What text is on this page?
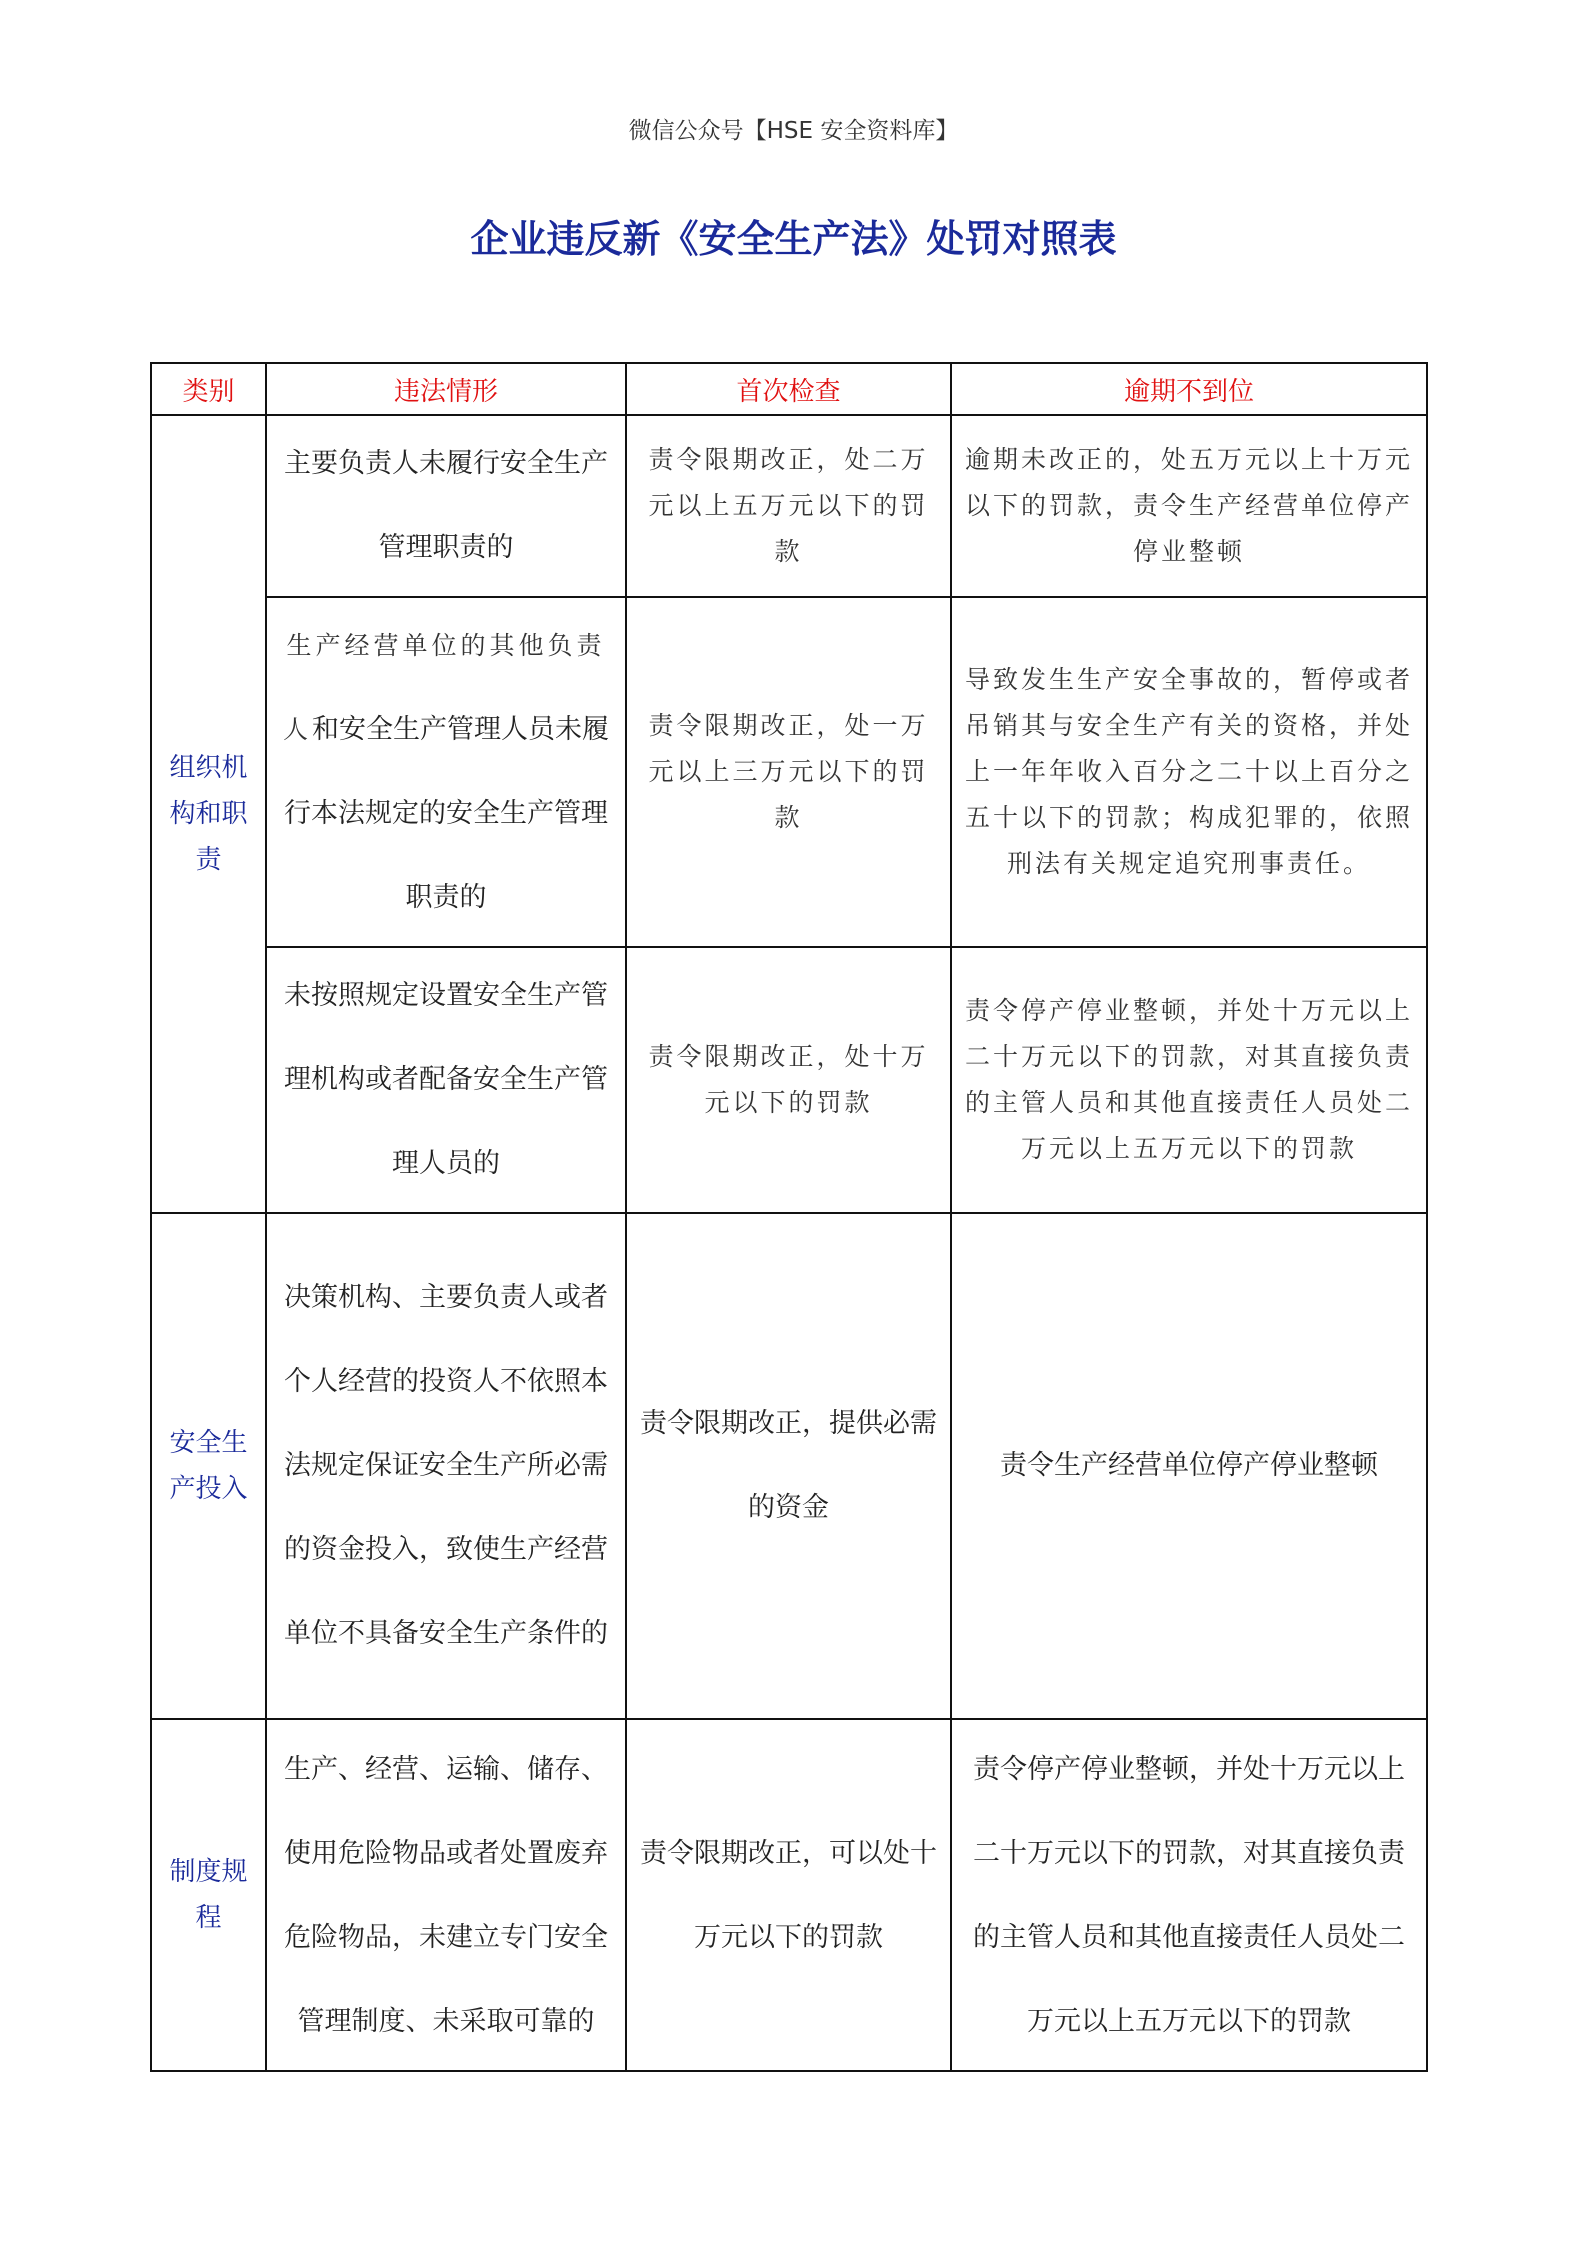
微信公众号【HSE 安全资料库】
企业违反新《安全生产法》处罚对照表
类别	违法情形	首次检查	逾期不到位
组织机构和职责	主要负责人未履行安全生产管理职责的	责令限期改正，处二万元以上五万元以下的罚款	逾期未改正的，处五万元以上十万元以下的罚款，责令生产经营单位停产停业整顿
	生产经营单位的其他负责人和安全生产管理人员未履行本法规定的安全生产管理职责的	责令限期改正，处一万元以上三万元以下的罚款	导致发生生产安全事故的，暂停或者吊销其与安全生产有关的资格，并处上一年年收入百分之二十以上百分之五十以下的罚款；构成犯罪的，依照刑法有关规定追究刑事责任。
	未按照规定设置安全生产管理机构或者配备安全生产管理人员的	责令限期改正，处十万元以下的罚款	责令停产停业整顿，并处十万元以上二十万元以下的罚款，对其直接负责的主管人员和其他直接责任人员处二万元以上五万元以下的罚款
安全生产投入	决策机构、主要负责人或者个人经营的投资人不依照本法规定保证安全生产所必需的资金投入，致使生产经营单位不具备安全生产条件的	责令限期改正，提供必需的资金	责令生产经营单位停产停业整顿
制度规程	生产、经营、运输、储存、使用危险物品或者处置废弃危险物品，未建立专门安全管理制度、未采取可靠的	责令限期改正，可以处十万元以下的罚款	责令停产停业整顿，并处十万元以上二十万元以下的罚款，对其直接负责的主管人员和其他直接责任人员处二万元以上五万元以下的罚款
